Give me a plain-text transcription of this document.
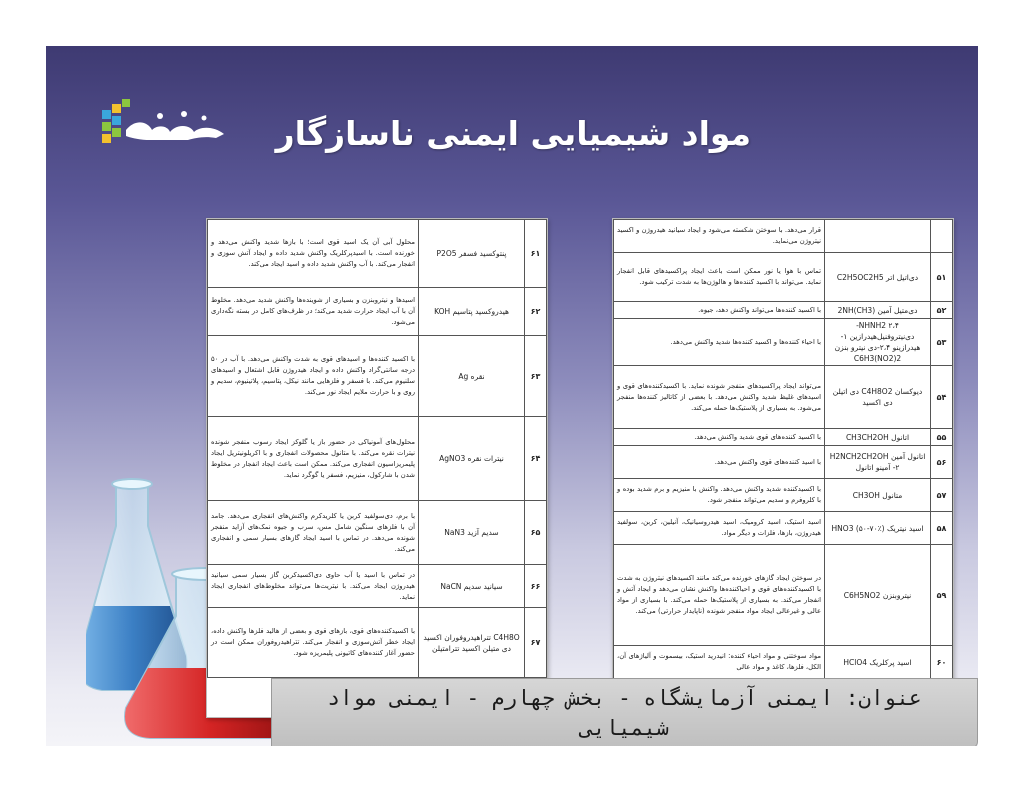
مواد شیمیایی ایمنی ناسازگار
		قرار می‌دهد. با سوختن شکسته می‌شود و ایجاد سیانید هیدروژن و اکسید نیتروژن می‌نماید.
۵۱	دی‌اتیل اتر C2H5OC2H5	تماس با هوا یا نور ممکن است باعث ایجاد پراکسیدهای قابل انفجار نماید. می‌تواند با اکسید کننده‌ها و هالوژن‌ها به شدت ترکیب شود.
۵۲	دی‌متیل آمین (CH3)2NH	با اکسید کننده‌ها می‌تواند واکنش دهد، جیوه.
۵۳	NHNH2 ۲،۴-دی‌نیتروفنیل‌هیدرازین ۱- هیدرازینو ۲،۴-دی نیترو بنزن C6H3(NO2)2	با احیاء کننده‌ها و اکسید کننده‌ها شدید واکنش می‌دهد.
۵۴	دیوکسان C4H8O2 دی اتیلن دی اکسید	می‌تواند ایجاد پراکسیدهای منفجر شونده نماید. با اکسیدکننده‌های قوی و اسیدهای غلیظ شدید واکنش می‌دهد. با بعضی از کاتالیز کننده‌ها منفجر می‌شود. به بسیاری از پلاستیک‌ها حمله می‌کند.
۵۵	اتانول CH3CH2OH	با اکسید کننده‌های قوی شدید واکنش می‌دهد.
۵۶	اتانول آمین H2NCH2CH2OH ۲- آمینو اتانول	با اسید کننده‌های قوی واکنش می‌دهد.
۵۷	متانول CH3OH	با اکسیدکننده شدید واکنش می‌دهد. واکنش با منیزیم و برم شدید بوده و با کلروفرم و سدیم می‌تواند منفجر شود.
۵۸	اسید نیتریک HNO3 (۵۰-۷۰٪)	اسید استیک، اسید کرومیک، اسید هیدروسیانیک، آنیلین، کربن، سولفید هیدروژن، بازها، فلزات و دیگر مواد.
۵۹	نیتروبنزن C6H5NO2	در سوختن ایجاد گازهای خورنده می‌کند مانند اکسیدهای نیتروژن به شدت با اکسیدکننده‌های قوی و احیاکننده‌ها واکنش نشان می‌دهد و ایجاد آتش و انفجار می‌کند. به بسیاری از پلاستیک‌ها حمله می‌کند. با بسیاری از مواد عالی و غیرعالی ایجاد مواد منفجر شونده (ناپایدار حرارتی) می‌کند.
۶۰	اسید پرکلریک HClO4	مواد سوختنی و مواد احیاء کننده: انیدرید استیک، بیسموت و آلیاژهای آن، الکل، فلزها، کاغذ و مواد عالی
۶۱	پنتوکسید فسفر P2O5	محلول آبی آن یک اسید قوی است؛ با بازها شدید واکنش می‌دهد و خورنده است. با اسیدپرکلریک واکنش شدید داده و ایجاد آتش سوزی و انفجار می‌کند. با آب واکنش شدید داده و اسید ایجاد می‌کند.
۶۲	هیدروکسید پتاسیم KOH	اسیدها و نیتروبنزن و بسیاری از شوینده‌ها واکنش شدید می‌دهد. مخلوط آن با آب ایجاد حرارت شدید می‌کند؛ در ظرف‌های کامل در بسته نگه‌داری می‌شود.
۶۳	نقره Ag	با اکسید کننده‌ها و اسیدهای قوی به شدت واکنش می‌دهد. با آب در ۵۰ درجه سانتی‌گراد واکنش داده و ایجاد هیدروژن قابل اشتعال و اسیدهای سلنیوم می‌کند. با فسفر و فلزهایی مانند نیکل، پتاسیم، پلاتینیوم، سدیم و روی و با حرارت ملایم ایجاد نور می‌کند.
۶۴	نیترات نقره AgNO3	محلول‌های آمونیاکی در حضور باز یا گلوکز ایجاد رسوب منفجر شونده نیترات نقره می‌کند. با متانول محصولات انفجاری و با اکریلونیتریل ایجاد پلیمریزاسیون انفجاری می‌کند. ممکن است باعث ایجاد انفجار در مخلوط شدن با شارکول، منیزیم، فسفر یا گوگرد نماید.
۶۵	سدیم آزید NaN3	با برم، دی‌سولفید کربن یا کلریدکرم واکنش‌های انفجاری می‌دهد. جامد آن با فلزهای سنگین شامل مس، سرب و جیوه نمک‌های آزاید منفجر شونده می‌دهد. در تماس با اسید ایجاد گازهای بسیار سمی و انفجاری می‌کند.
۶۶	سیانید سدیم NaCN	در تماس با اسید یا آب حاوی دی‌اکسیدکربن گاز بسیار سمی سیانید هیدروژن ایجاد می‌کند. با نیتریت‌ها می‌تواند مخلوط‌های انفجاری ایجاد نماید.
۶۷	C4H8O تتراهیدروفوران اکسید دی متیلن اکسید تترامتیلن	با اکسیدکننده‌های قوی، بازهای قوی و بعضی از هالید فلزها واکنش داده، ایجاد خطر آتش‌سوزی و انفجار می‌کند. تتراهیدروفوران ممکن است در حضور آغاز کننده‌های کاتیونی پلیمریزه شود.
عنوان: ایمنی آزمایشگاه - بخش چهارم - ایمنی مواد شیمیایی
